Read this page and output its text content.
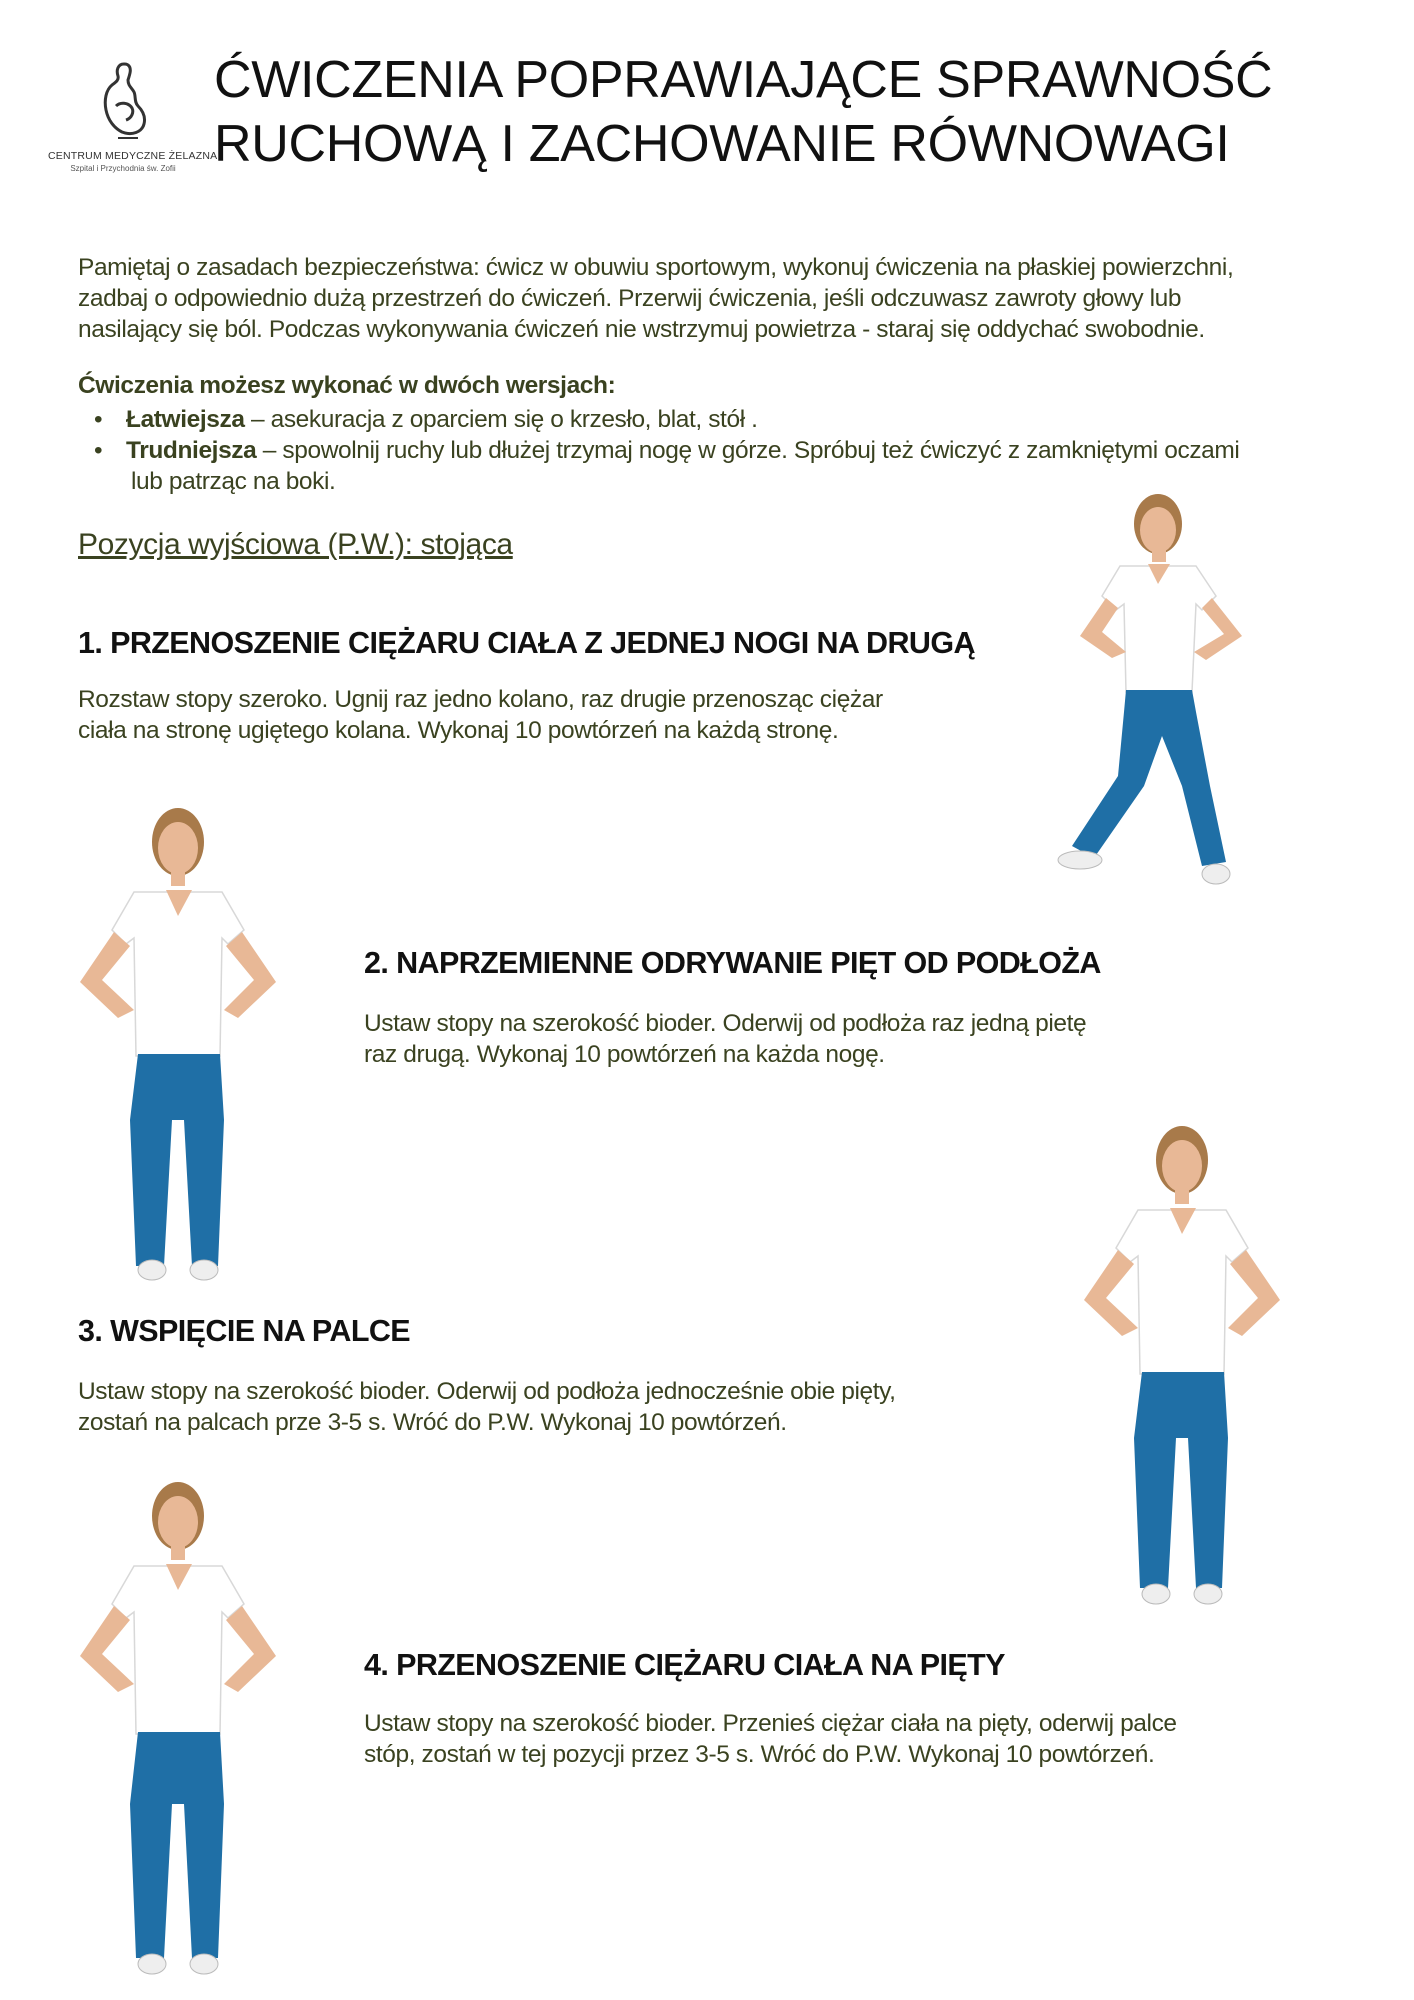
CENTRUM MEDYCZNE ŻELAZNA
Szpital i Przychodnia św. Zofii
ĆWICZENIA POPRAWIAJĄCE SPRAWNOŚĆ
RUCHOWĄ I ZACHOWANIE RÓWNOWAGI
Pamiętaj o zasadach bezpieczeństwa: ćwicz w obuwiu sportowym, wykonuj ćwiczenia na płaskiej powierzchni,
zadbaj o odpowiednio dużą przestrzeń do ćwiczeń. Przerwij ćwiczenia, jeśli odczuwasz zawroty głowy lub
nasilający się ból. Podczas wykonywania ćwiczeń nie wstrzymuj powietrza - staraj się oddychać swobodnie.
Ćwiczenia możesz wykonać w dwóch wersjach:
• Łatwiejsza – asekuracja z oparciem się o krzesło, blat, stół .
• Trudniejsza – spowolnij ruchy lub dłużej trzymaj nogę w górze. Spróbuj też ćwiczyć z zamkniętymi oczami
lub patrząc na boki.
Pozycja wyjściowa (P.W.): stojąca
1. PRZENOSZENIE CIĘŻARU CIAŁA Z JEDNEJ NOGI NA DRUGĄ
Rozstaw stopy szeroko. Ugnij raz jedno kolano, raz drugie przenosząc ciężar
ciała na stronę ugiętego kolana. Wykonaj 10 powtórzeń na każdą stronę.
2. NAPRZEMIENNE ODRYWANIE PIĘT OD PODŁOŻA
Ustaw stopy na szerokość bioder. Oderwij od podłoża raz jedną pietę
raz drugą. Wykonaj 10 powtórzeń na każda nogę.
3. WSPIĘCIE NA PALCE
Ustaw stopy na szerokość bioder. Oderwij od podłoża jednocześnie obie pięty,
zostań na palcach prze 3-5 s. Wróć do P.W. Wykonaj 10 powtórzeń.
4. PRZENOSZENIE CIĘŻARU CIAŁA NA PIĘTY
Ustaw stopy na szerokość bioder. Przenieś ciężar ciała na pięty, oderwij palce
stóp, zostań w tej pozycji przez 3-5 s. Wróć do P.W. Wykonaj 10 powtórzeń.
